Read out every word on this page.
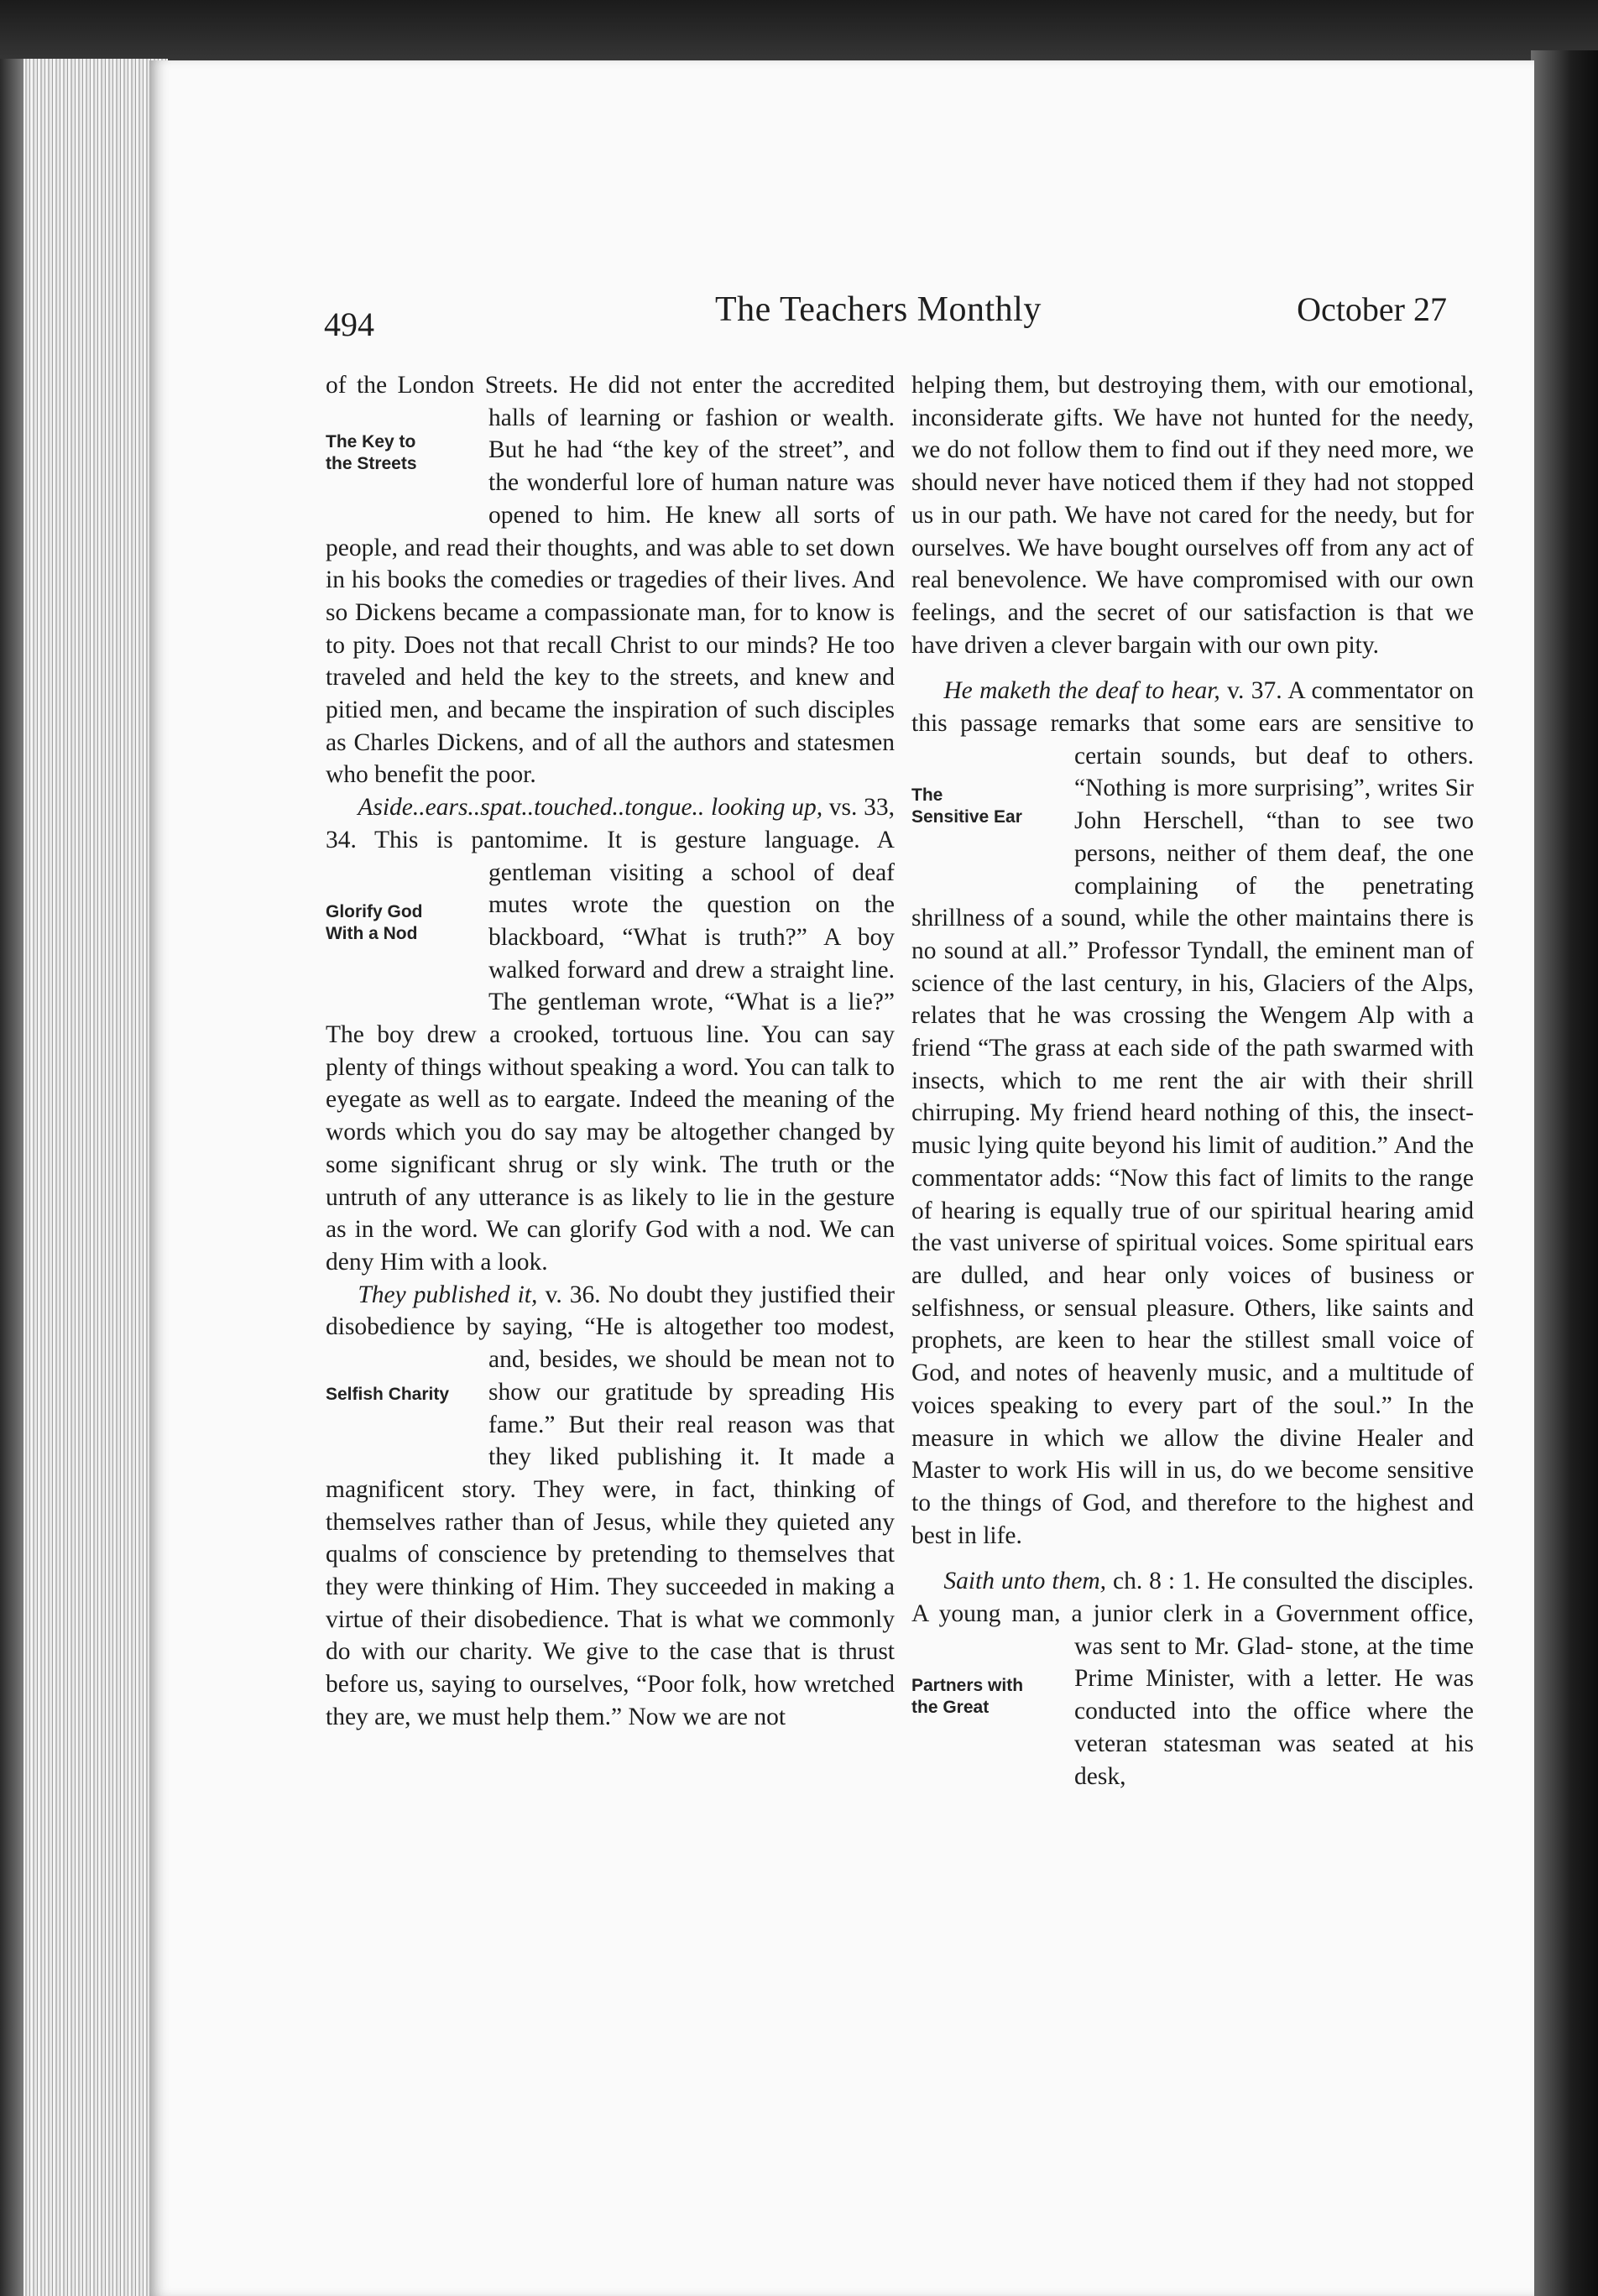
494	The Teachers Monthly	October 27

of the London Streets. He did not enter the
The Key to
the Streets
accredited halls of learning or fashion or wealth. But he had “the key of the street”, and the wonderful lore of human nature was opened to him. He knew all sorts of people, and read their thoughts, and was able to set down in his books the comedies or tragedies of their lives. And so Dickens became a compassionate man, for to know is to pity. Does not that recall Christ to our minds? He too traveled and held the key to the streets, and knew and pitied men, and became the inspiration of such disciples as Charles Dickens, and of all the authors and statesmen who benefit the poor.

Aside..ears..spat..touched..tongue.. looking up, vs. 33, 34. This is pantomime. It is gesture language. A gentleman visiting a
Glorify God
With a Nod
school of deaf mutes wrote the question on the blackboard, “What is truth?” A boy walked forward and drew a straight line. The gentleman wrote, “What is a lie?” The boy drew a crooked, tortuous line. You can say plenty of things without speaking a word. You can talk to eyegate as well as to eargate. Indeed the meaning of the words which you do say may be altogether changed by some significant shrug or sly wink. The truth or the untruth of any utterance is as likely to lie in the gesture as in the word. We can glorify God with a nod. We can deny Him with a look.

They published it, v. 36. No doubt they justified their disobedience by saying, “He is altogether too modest, and, besides, we should
Selfish Charity
be mean not to show our gratitude by spreading His fame.” But their real reason was that they liked publishing it. It made a magnificent story. They were, in fact, thinking of themselves rather than of Jesus, while they quieted any qualms of conscience by pretending to themselves that they were thinking of Him. They succeeded in making a virtue of their disobedience. That is what we commonly do with our charity. We give to the case that is thrust before us, saying to ourselves, “Poor folk, how wretched they are, we must help them.” Now we are not

helping them, but destroying them, with our emotional, inconsiderate gifts. We have not hunted for the needy, we do not follow them to find out if they need more, we should never have noticed them if they had not stopped us in our path. We have not cared for the needy, but for ourselves. We have bought ourselves off from any act of real benevolence. We have compromised with our own feelings, and the secret of our satisfaction is that we have driven a clever bargain with our own pity.

He maketh the deaf to hear, v. 37. A commentator on this passage remarks that some ears are sensitive to certain sounds, but deaf
The
Sensitive Ear
to others. “Nothing is more surprising”, writes Sir John Herschell, “than to see two persons, neither of them deaf, the one complaining of the penetrating shrillness of a sound, while the other maintains there is no sound at all.” Professor Tyndall, the eminent man of science of the last century, in his, Glaciers of the Alps, relates that he was crossing the Wengem Alp with a friend “The grass at each side of the path swarmed with insects, which to me rent the air with their shrill chirruping. My friend heard nothing of this, the insect-music lying quite beyond his limit of audition.” And the commentator adds: “Now this fact of limits to the range of hearing is equally true of our spiritual hearing amid the vast universe of spiritual voices. Some spiritual ears are dulled, and hear only voices of business or selfishness, or sensual pleasure. Others, like saints and prophets, are keen to hear the stillest small voice of God, and notes of heavenly music, and a multitude of voices speaking to every part of the soul.” In the measure in which we allow the divine Healer and Master to work His will in us, do we become sensitive to the things of God, and therefore to the highest and best in life.

Saith unto them, ch. 8 : 1. He consulted the disciples. A young man, a junior clerk in a Government office, was sent to Mr. Glad-
Partners with
the Great
stone, at the time Prime Minister, with a letter. He was conducted into the office where the veteran statesman was seated at his desk,
